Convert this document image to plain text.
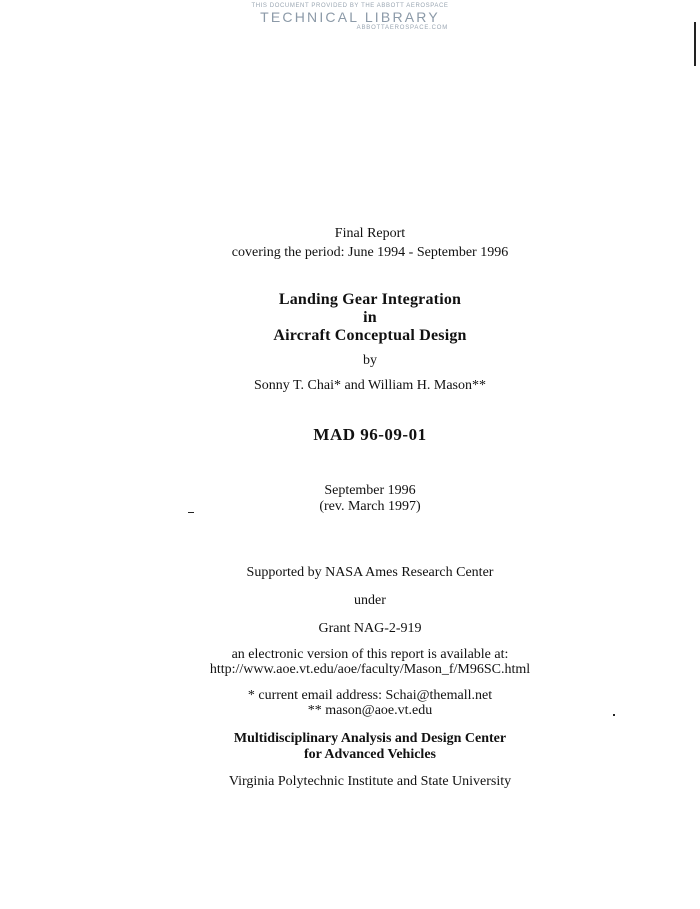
THIS DOCUMENT PROVIDED BY THE ABBOTT AEROSPACE
TECHNICAL LIBRARY
ABBOTTAEROSPACE.COM
Final Report
covering the period: June 1994 - September 1996
Landing Gear Integration
in
Aircraft Conceptual Design
by
Sonny T. Chai* and William H. Mason**
MAD 96-09-01
September 1996
(rev. March 1997)
Supported by NASA Ames Research Center
under
Grant NAG-2-919
an electronic version of this report is available at:
http://www.aoe.vt.edu/aoe/faculty/Mason_f/M96SC.html
* current email address: Schai@themall.net
** mason@aoe.vt.edu
Multidisciplinary Analysis and Design Center
for Advanced Vehicles
Virginia Polytechnic Institute and State University
